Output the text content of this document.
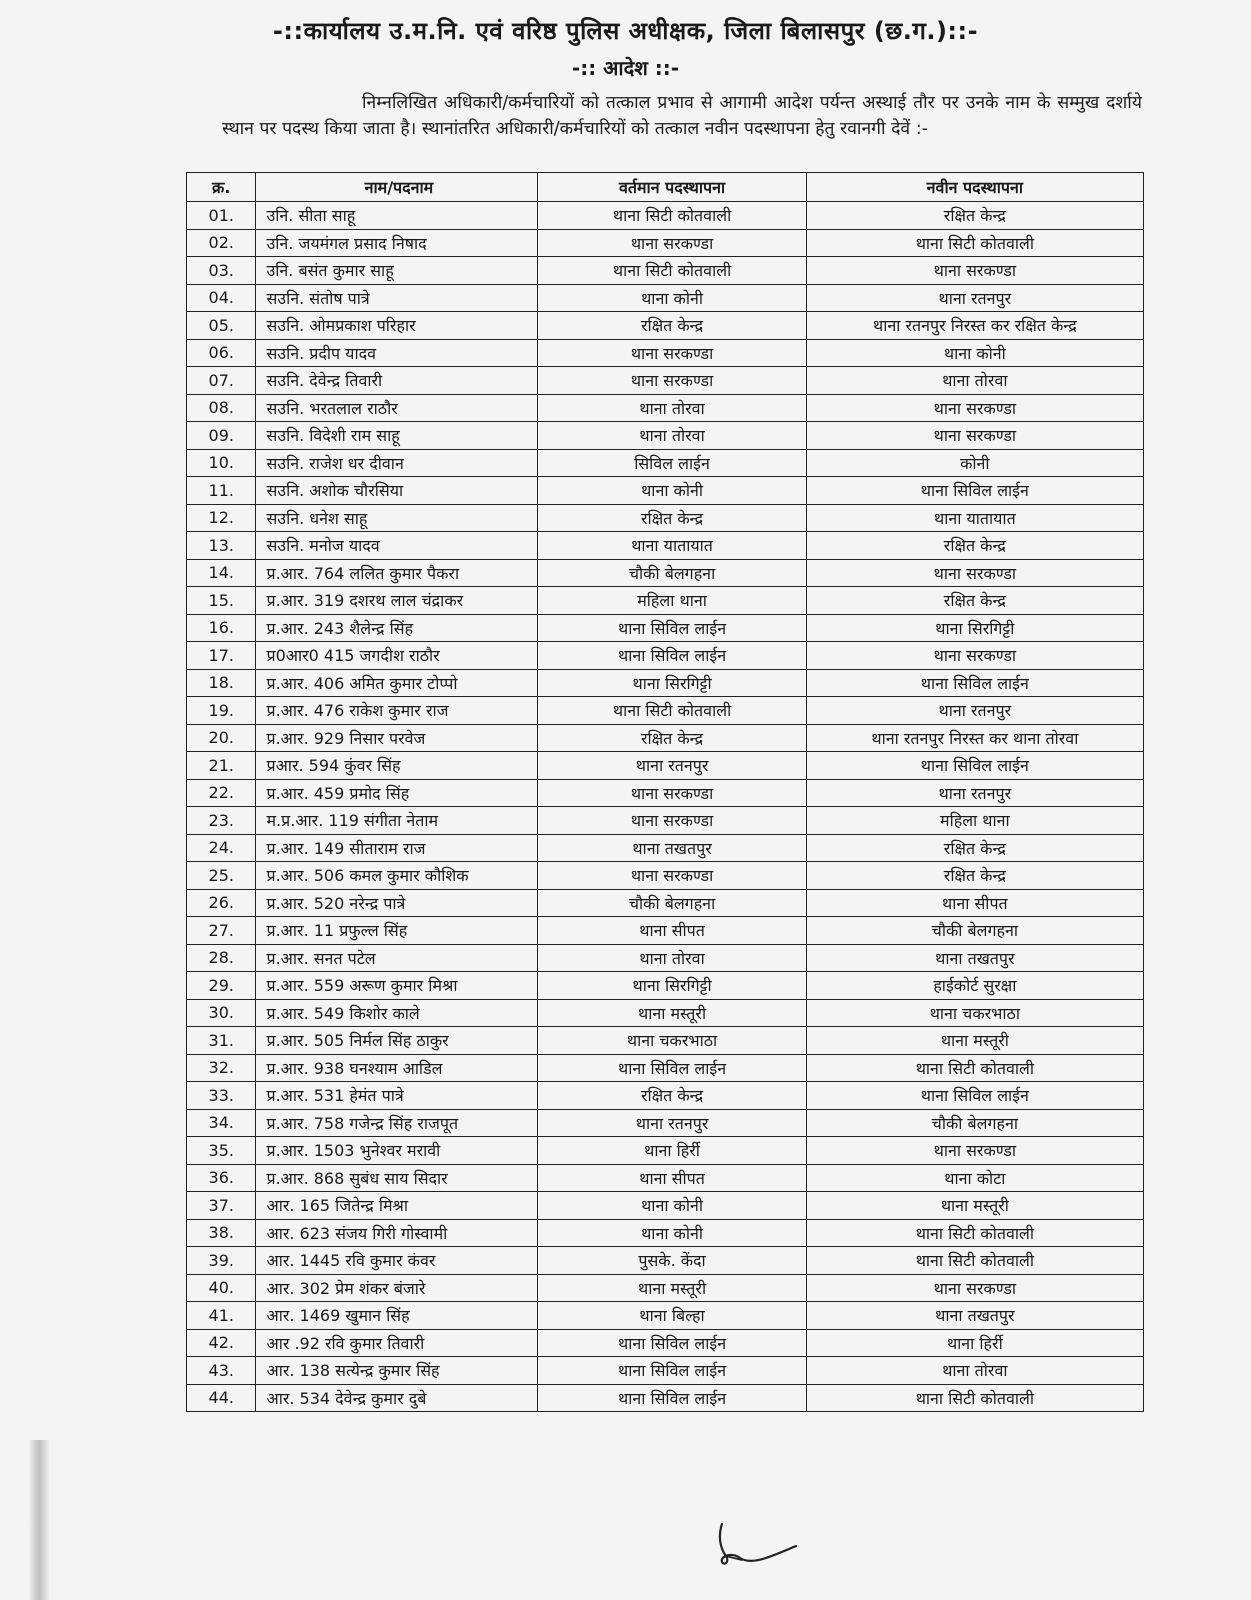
-::कार्यालय उ.म.नि. एवं वरिष्ठ पुलिस अधीक्षक, जिला बिलासपुर (छ.ग.)::-
-:: आदेश ::-
निम्नलिखित अधिकारी/कर्मचारियों को तत्काल प्रभाव से आगामी आदेश पर्यन्त अस्थाई तौर पर उनके नाम के सम्मुख दर्शाये स्थान पर पदस्थ किया जाता है। स्थानांतरित अधिकारी/कर्मचारियों को तत्काल नवीन पदस्थापना हेतु रवानगी देवें :-
क्र.	नाम/पदनाम	वर्तमान पदस्थापना	नवीन पदस्थापना
01.	उनि. सीता साहू	थाना सिटी कोतवाली	रक्षित केन्द्र
02.	उनि. जयमंगल प्रसाद निषाद	थाना सरकण्डा	थाना सिटी कोतवाली
03.	उनि. बसंत कुमार साहू	थाना सिटी कोतवाली	थाना सरकण्डा
04.	सउनि. संतोष पात्रे	थाना कोनी	थाना रतनपुर
05.	सउनि. ओमप्रकाश परिहार	रक्षित केन्द्र	थाना रतनपुर निरस्त कर रक्षित केन्द्र
06.	सउनि. प्रदीप यादव	थाना सरकण्डा	थाना कोनी
07.	सउनि. देवेन्द्र तिवारी	थाना सरकण्डा	थाना तोरवा
08.	सउनि. भरतलाल राठौर	थाना तोरवा	थाना सरकण्डा
09.	सउनि. विदेशी राम साहू	थाना तोरवा	थाना सरकण्डा
10.	सउनि. राजेश धर दीवान	सिविल लाईन	कोनी
11.	सउनि. अशोक चौरसिया	थाना कोनी	थाना सिविल लाईन
12.	सउनि. धनेश साहू	रक्षित केन्द्र	थाना यातायात
13.	सउनि. मनोज यादव	थाना यातायात	रक्षित केन्द्र
14.	प्र.आर. 764 ललित कुमार पैकरा	चौकी बेलगहना	थाना सरकण्डा
15.	प्र.आर. 319 दशरथ लाल चंद्राकर	महिला थाना	रक्षित केन्द्र
16.	प्र.आर. 243 शैलेन्द्र सिंह	थाना सिविल लाईन	थाना सिरगिट्टी
17.	प्र0आर0 415 जगदीश राठौर	थाना सिविल लाईन	थाना सरकण्डा
18.	प्र.आर. 406 अमित कुमार टोप्पो	थाना सिरगिट्टी	थाना सिविल लाईन
19.	प्र.आर. 476 राकेश कुमार राज	थाना सिटी कोतवाली	थाना रतनपुर
20.	प्र.आर. 929 निसार परवेज	रक्षित केन्द्र	थाना रतनपुर निरस्त कर थाना तोरवा
21.	प्रआर. 594 कुंवर सिंह	थाना रतनपुर	थाना सिविल लाईन
22.	प्र.आर. 459 प्रमोद सिंह	थाना सरकण्डा	थाना रतनपुर
23.	म.प्र.आर. 119 संगीता नेताम	थाना सरकण्डा	महिला थाना
24.	प्र.आर. 149 सीताराम राज	थाना तखतपुर	रक्षित केन्द्र
25.	प्र.आर. 506 कमल कुमार कौशिक	थाना सरकण्डा	रक्षित केन्द्र
26.	प्र.आर. 520 नरेन्द्र पात्रे	चौकी बेलगहना	थाना सीपत
27.	प्र.आर. 11 प्रफुल्ल सिंह	थाना सीपत	चौकी बेलगहना
28.	प्र.आर. सनत पटेल	थाना तोरवा	थाना तखतपुर
29.	प्र.आर. 559 अरूण कुमार मिश्रा	थाना सिरगिट्टी	हाईकोर्ट सुरक्षा
30.	प्र.आर. 549 किशोर काले	थाना मस्तूरी	थाना चकरभाठा
31.	प्र.आर. 505 निर्मल सिंह ठाकुर	थाना चकरभाठा	थाना मस्तूरी
32.	प्र.आर. 938 घनश्याम आडिल	थाना सिविल लाईन	थाना सिटी कोतवाली
33.	प्र.आर. 531 हेमंत पात्रे	रक्षित केन्द्र	थाना सिविल लाईन
34.	प्र.आर. 758 गजेन्द्र सिंह राजपूत	थाना रतनपुर	चौकी बेलगहना
35.	प्र.आर. 1503 भुनेश्वर मरावी	थाना हिर्री	थाना सरकण्डा
36.	प्र.आर. 868 सुबंध साय सिदार	थाना सीपत	थाना कोटा
37.	आर. 165 जितेन्द्र मिश्रा	थाना कोनी	थाना मस्तूरी
38.	आर. 623 संजय गिरी गोस्वामी	थाना कोनी	थाना सिटी कोतवाली
39.	आर. 1445 रवि कुमार कंवर	पुसके. केंदा	थाना सिटी कोतवाली
40.	आर. 302 प्रेम शंकर बंजारे	थाना मस्तूरी	थाना सरकण्डा
41.	आर. 1469 खुमान सिंह	थाना बिल्हा	थाना तखतपुर
42.	आर .92 रवि कुमार तिवारी	थाना सिविल लाईन	थाना हिर्री
43.	आर. 138 सत्येन्द्र कुमार सिंह	थाना सिविल लाईन	थाना तोरवा
44.	आर. 534 देवेन्द्र कुमार दुबे	थाना सिविल लाईन	थाना सिटी कोतवाली
